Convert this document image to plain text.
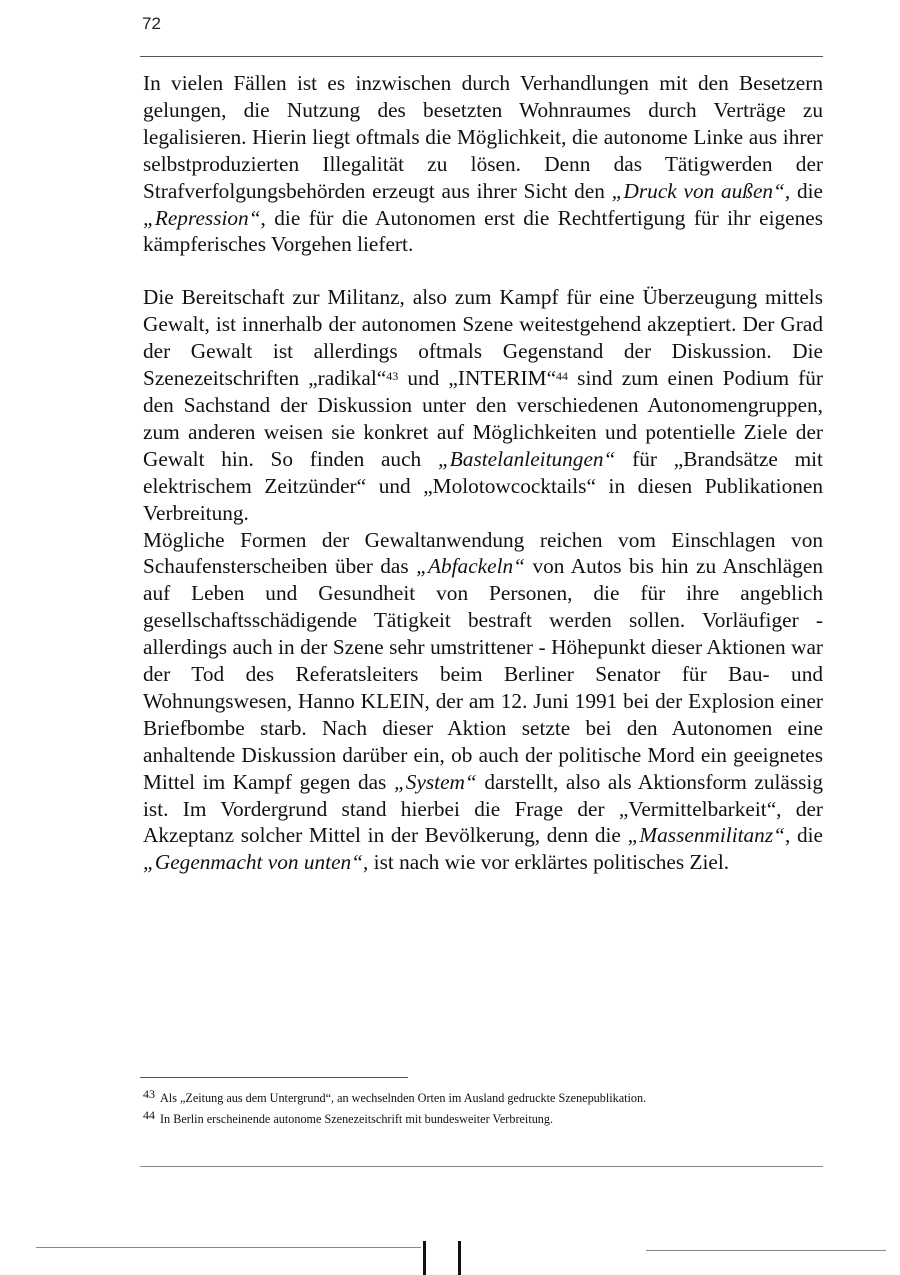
72

In vielen Fällen ist es inzwischen durch Verhandlungen mit den Besetzern gelungen, die Nutzung des besetzten Wohnraumes durch Verträge zu legalisieren. Hierin liegt oftmals die Möglichkeit, die autonome Linke aus ihrer selbstproduzierten Illegalität zu lösen. Denn das Tätigwerden der Strafverfolgungsbehörden erzeugt aus ihrer Sicht den „Druck von außen“, die „Repression“, die für die Autonomen erst die Rechtfertigung für ihr eigenes kämpferisches Vorgehen liefert.

Die Bereitschaft zur Militanz, also zum Kampf für eine Überzeugung mittels Gewalt, ist innerhalb der autonomen Szene weitestgehend akzeptiert. Der Grad der Gewalt ist allerdings oftmals Gegenstand der Diskussion. Die Szenezeitschriften „radikal“$^{43}$ und „INTERIM“$^{44}$ sind zum einen Podium für den Sachstand der Diskussion unter den verschiedenen Autonomengruppen, zum anderen weisen sie konkret auf Möglichkeiten und potentielle Ziele der Gewalt hin. So finden auch „Bastelanleitungen“ für „Brandsätze mit elektrischem Zeitzünder“ und „Molotowcocktails“ in diesen Publikationen Verbreitung.
Mögliche Formen der Gewaltanwendung reichen vom Einschlagen von Schaufensterscheiben über das „Abfackeln“ von Autos bis hin zu Anschlägen auf Leben und Gesundheit von Personen, die für ihre angeblich gesellschaftsschädigende Tätigkeit bestraft werden sollen. Vorläufiger - allerdings auch in der Szene sehr umstrittener - Höhepunkt dieser Aktionen war der Tod des Referatsleiters beim Berliner Senator für Bau- und Wohnungswesen, Hanno KLEIN, der am 12. Juni 1991 bei der Explosion einer Briefbombe starb. Nach dieser Aktion setzte bei den Autonomen eine anhaltende Diskussion darüber ein, ob auch der politische Mord ein geeignetes Mittel im Kampf gegen das „System“ darstellt, also als Aktionsform zulässig ist. Im Vordergrund stand hierbei die Frage der „Vermittelbarkeit“, der Akzeptanz solcher Mittel in der Bevölkerung, denn die „Massenmilitanz“, die „Gegenmacht von unten“, ist nach wie vor erklärtes politisches Ziel.

43 Als „Zeitung aus dem Untergrund“, an wechselnden Orten im Ausland gedruckte Szenepublikation.

44 In Berlin erscheinende autonome Szenezeitschrift mit bundesweiter Verbreitung.
